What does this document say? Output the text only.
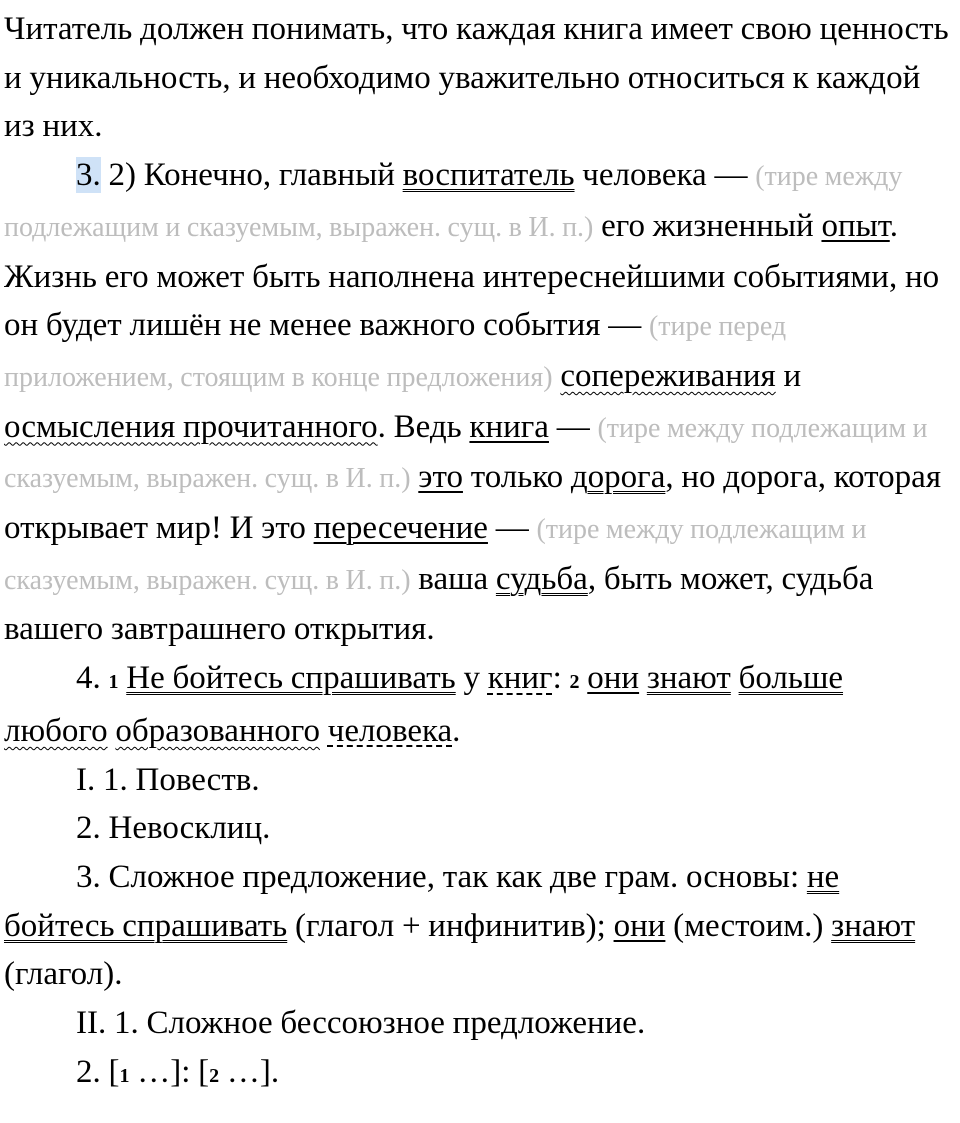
Читатель должен понимать, что каждая книга имеет свою ценность и уникальность, и необходимо уважительно относиться к каждой из них.

3. 2) Конечно, главный воспитатель человека — (тире между подлежащим и сказуемым, выражен. сущ. в И. п.) его жизненный опыт. Жизнь его может быть наполнена интереснейшими событиями, но он будет лишён не менее важного события — (тире перед приложением, стоящим в конце предложения) сопереживания и осмысления прочитанного. Ведь книга — (тире между подлежащим и сказуемым, выражен. сущ. в И. п.) это только дорога, но дорога, которая открывает мир! И это пересечение — (тире между подлежащим и сказуемым, выражен. сущ. в И. п.) ваша судьба, быть может, судьба вашего завтрашнего открытия.

4. 1 Не бойтесь спрашивать у книг: 2 они знают больше любого образованного человека.

I. 1. Повеств.

2. Невосклиц.

3. Сложное предложение, так как две грам. основы: не бойтесь спрашивать (глагол + инфинитив); они (местоим.) знают (глагол).

II. 1. Сложное бессоюзное предложение.

2. [1 …]: [2 …].
